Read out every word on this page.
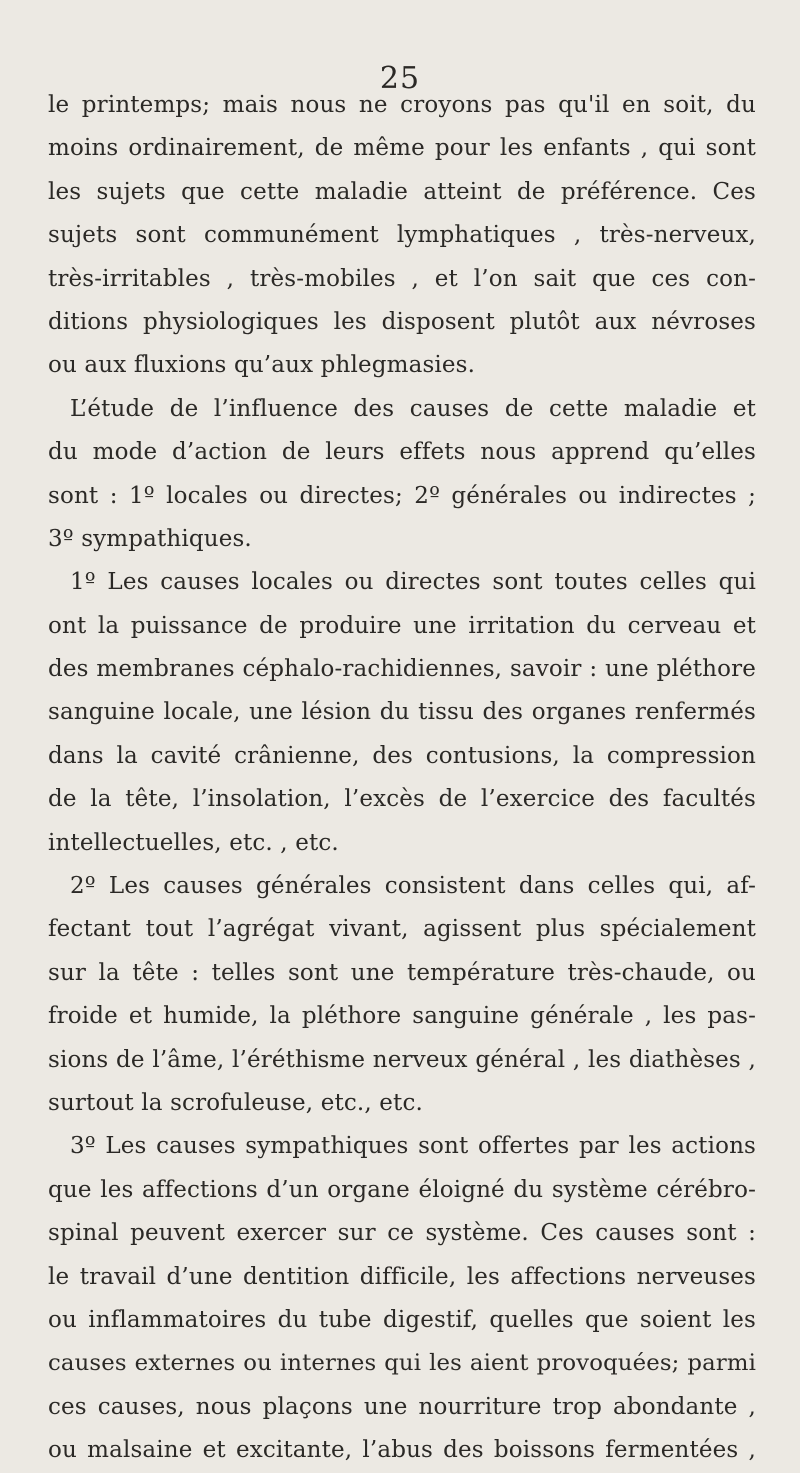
25
le printemps; mais nous ne croyons pas qu'il en soit, du
moins ordinairement, de même pour les enfants , qui sont
les sujets que cette maladie atteint de préférence. Ces
sujets sont communément lymphatiques , très-nerveux,
très-irritables , très-mobiles , et l’on sait que ces con-
ditions physiologiques les disposent plutôt aux névroses
ou aux fluxions qu’aux phlegmasies.
L’étude de l’influence des causes de cette maladie et
du mode d’action de leurs effets nous apprend qu’elles
sont : 1º locales ou directes; 2º générales ou indirectes ;
3º sympathiques.
1º Les causes locales ou directes sont toutes celles qui
ont la puissance de produire une irritation du cerveau et
des membranes céphalo-rachidiennes, savoir : une pléthore
sanguine locale, une lésion du tissu des organes renfermés
dans la cavité crânienne, des contusions, la compression
de la tête, l’insolation, l’excès de l’exercice des facultés
intellectuelles, etc. , etc.
2º Les causes générales consistent dans celles qui, af-
fectant tout l’agrégat vivant, agissent plus spécialement
sur la tête : telles sont une température très-chaude, ou
froide et humide, la pléthore sanguine générale , les pas-
sions de l’âme, l’éréthisme nerveux général , les diathèses ,
surtout la scrofuleuse, etc., etc.
3º Les causes sympathiques sont offertes par les actions
que les affections d’un organe éloigné du système cérébro-
spinal peuvent exercer sur ce système. Ces causes sont :
le travail d’une dentition difficile, les affections nerveuses
ou inflammatoires du tube digestif, quelles que soient les
causes externes ou internes qui les aient provoquées; parmi
ces causes, nous plaçons une nourriture trop abondante ,
ou malsaine et excitante, l’abus des boissons fermentées ,
